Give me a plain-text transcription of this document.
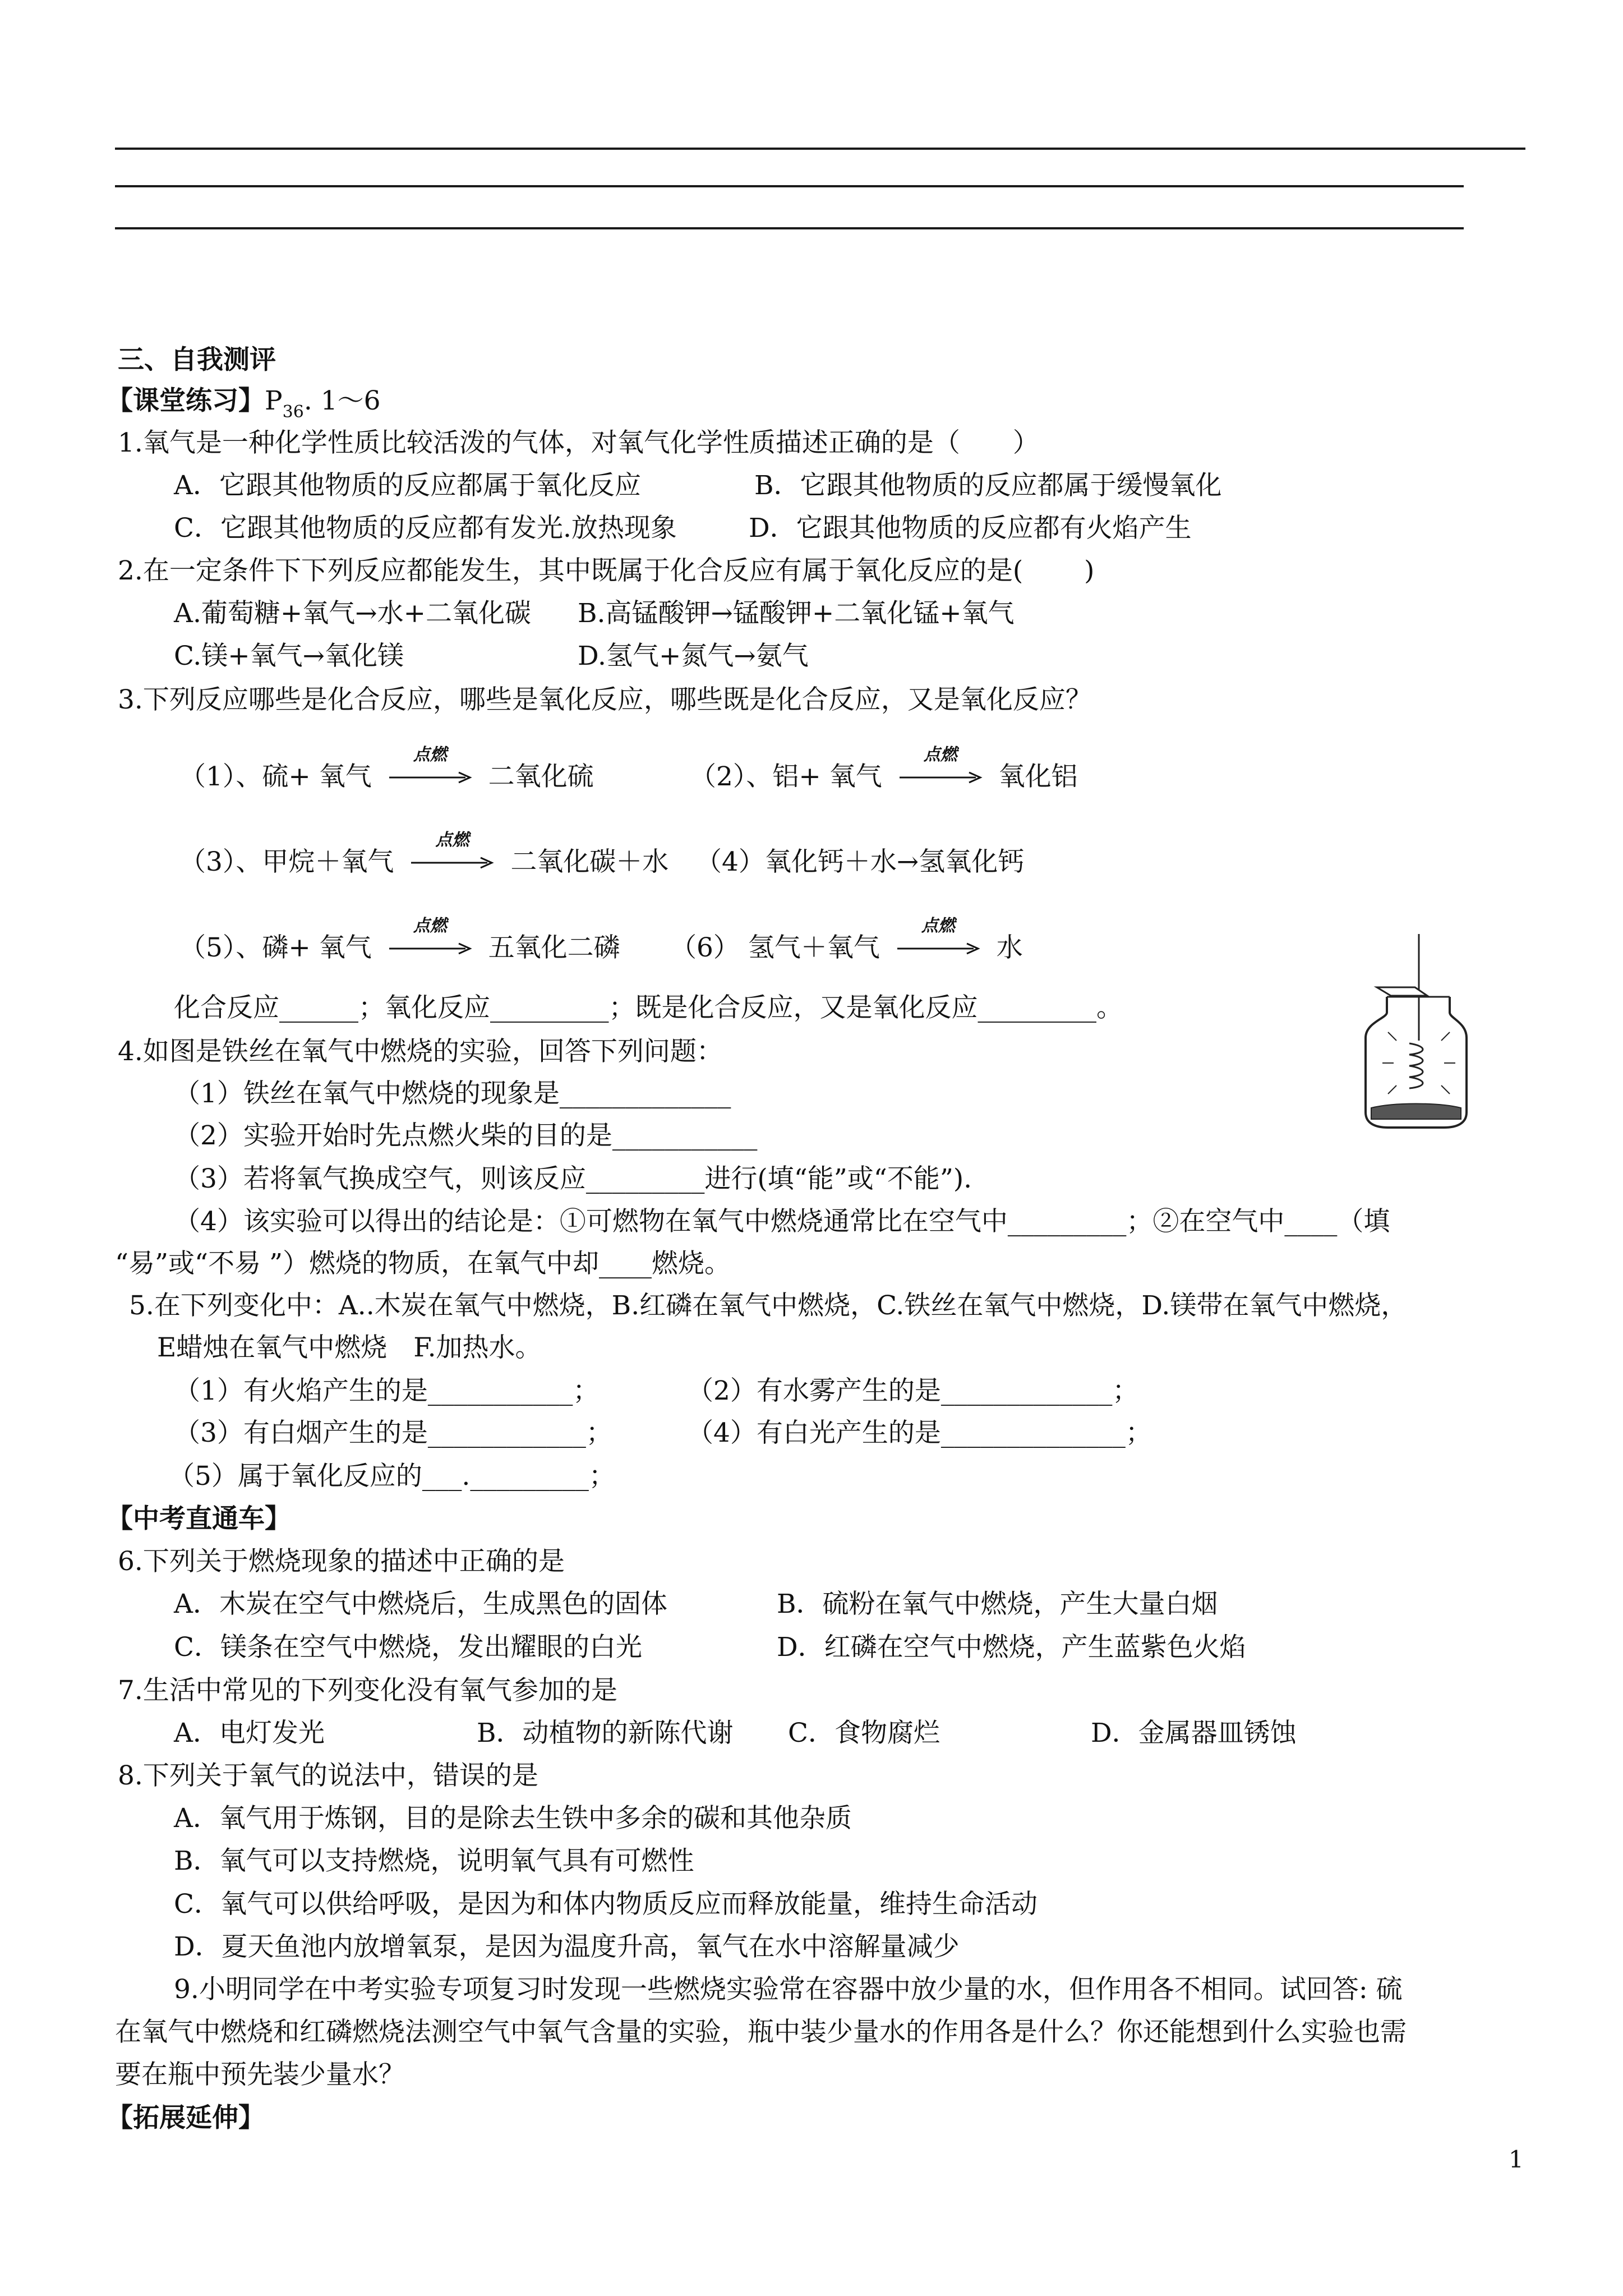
三、自我测评
【课堂练习】$P_{36}$. 1～6
1.氧气是一种化学性质比较活泼的气体，对氧气化学性质描述正确的是（　　）
A．它跟其他物质的反应都属于氧化反应	B．它跟其他物质的反应都属于缓慢氧化
C．它跟其他物质的反应都有发光.放热现象	D．它跟其他物质的反应都有火焰产生
2.在一定条件下下列反应都能发生，其中既属于化合反应有属于氧化反应的是(　　 )
A.葡萄糖+氧气→水+二氧化碳 B.高锰酸钾→锰酸钾+二氧化锰+氧气
C.镁+氧气→氧化镁	D.氢气+氮气→氨气
3.下列反应哪些是化合反应，哪些是氧化反应，哪些既是化合反应，又是氧化反应？
（1）、硫+ 氧气
点燃
二氧化硫	（2）、铝+ 氧气
点燃
氧化铝
（3）、甲烷＋氧气
点燃
二氧化碳＋水 （4）氧化钙＋水→氢氧化钙
（5）、磷+ 氧气
点燃
五氧化二磷 （6） 氢气＋氧气
点燃
水
化合反应______；氧化反应_________；既是化合反应，又是氧化反应_________。
4.如图是铁丝在氧气中燃烧的实验，回答下列问题：
（1）铁丝在氧气中燃烧的现象是_____________
（2）实验开始时先点燃火柴的目的是___________
（3）若将氧气换成空气，则该反应_________进行(填“能”或“不能”).
（4）该实验可以得出的结论是：①可燃物在氧气中燃烧通常比在空气中_________；②在空气中____（填
“易”或“不易 ”）燃烧的物质，在氧气中却____燃烧。
5.在下列变化中：A..木炭在氧气中燃烧，B.红磷在氧气中燃烧，C.铁丝在氧气中燃烧，D.镁带在氧气中燃烧，
E蜡烛在氧气中燃烧　F.加热水。
（1）有火焰产生的是___________；	（2）有水雾产生的是_____________；
（3）有白烟产生的是____________；	（4）有白光产生的是______________；
（5）属于氧化反应的___._________；
【中考直通车】
6.下列关于燃烧现象的描述中正确的是
A．木炭在空气中燃烧后，生成黑色的固体	B．硫粉在氧气中燃烧，产生大量白烟
C．镁条在空气中燃烧，发出耀眼的白光	D．红磷在空气中燃烧，产生蓝紫色火焰
7.生活中常见的下列变化没有氧气参加的是
A．电灯发光	B．动植物的新陈代谢 C．食物腐烂	D．金属器皿锈蚀
8.下列关于氧气的说法中，错误的是
A．氧气用于炼钢，目的是除去生铁中多余的碳和其他杂质
B．氧气可以支持燃烧，说明氧气具有可燃性
C．氧气可以供给呼吸，是因为和体内物质反应而释放能量，维持生命活动
D．夏天鱼池内放增氧泵，是因为温度升高，氧气在水中溶解量减少
9.小明同学在中考实验专项复习时发现一些燃烧实验常在容器中放少量的水，但作用各不相同。试回答: 硫
在氧气中燃烧和红磷燃烧法测空气中氧气含量的实验，瓶中装少量水的作用各是什么？你还能想到什么实验也需
要在瓶中预先装少量水？
【拓展延伸】
1
